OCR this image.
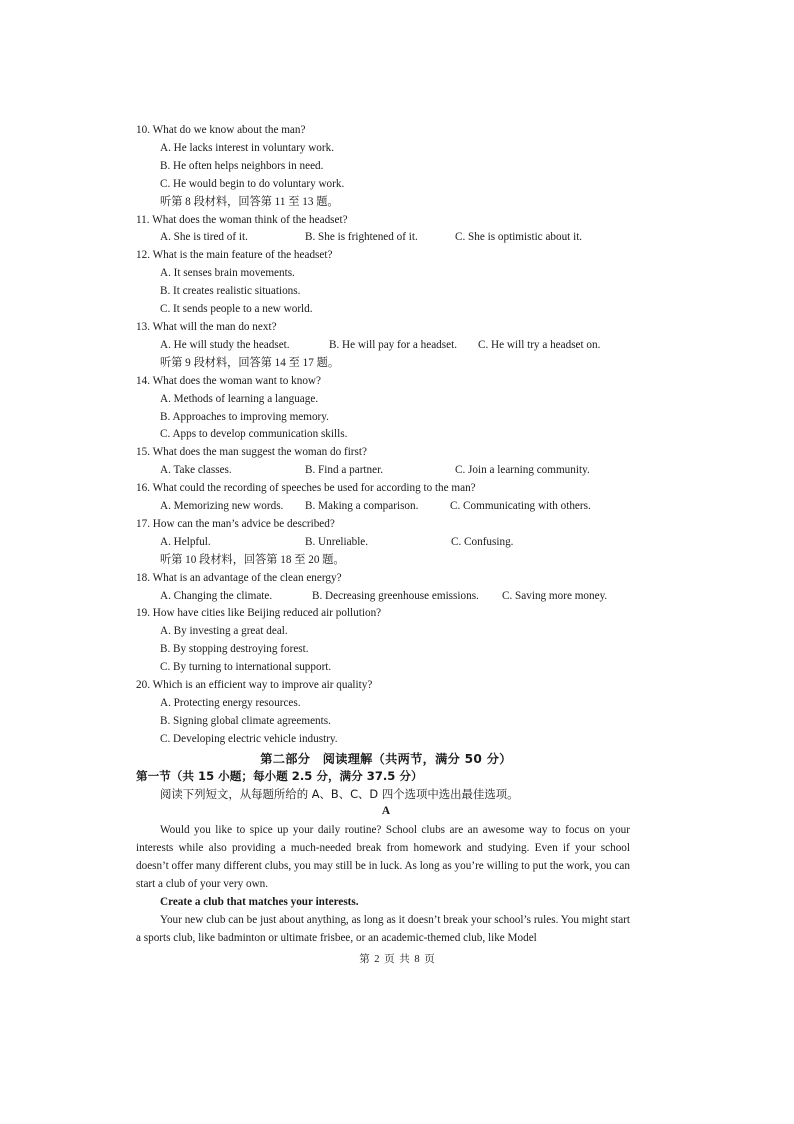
10. What do we know about the man?
A. He lacks interest in voluntary work.
B. He often helps neighbors in need.
C. He would begin to do voluntary work.
听第 8 段材料，回答第 11 至 13 题。
11. What does the woman think of the headset?
A. She is tired of it.	B. She is frightened of it.	C. She is optimistic about it.
12. What is the main feature of the headset?
A. It senses brain movements.
B. It creates realistic situations.
C. It sends people to a new world.
13. What will the man do next?
A. He will study the headset.	B. He will pay for a headset.	C. He will try a headset on.
听第 9 段材料，回答第 14 至 17 题。
14. What does the woman want to know?
A. Methods of learning a language.
B. Approaches to improving memory.
C. Apps to develop communication skills.
15. What does the man suggest the woman do first?
A. Take classes.	B. Find a partner.	C. Join a learning community.
16. What could the recording of speeches be used for according to the man?
A. Memorizing new words.	B. Making a comparison.	C. Communicating with others.
17. How can the man’s advice be described?
A. Helpful.	B. Unreliable.	C. Confusing.
听第 10 段材料，回答第 18 至 20 题。
18. What is an advantage of the clean energy?
A. Changing the climate.	B. Decreasing greenhouse emissions.	C. Saving more money.
19. How have cities like Beijing reduced air pollution?
A. By investing a great deal.
B. By stopping destroying forest.
C. By turning to international support.
20. Which is an efficient way to improve air quality?
A. Protecting energy resources.
B. Signing global climate agreements.
C. Developing electric vehicle industry.
第二部分　阅读理解（共两节，满分 50 分）
第一节（共 15 小题；每小题 2.5 分，满分 37.5 分）
阅读下列短文，从每题所给的 A、B、C、D 四个选项中选出最佳选项。
A

Would you like to spice up your daily routine? School clubs are an awesome way to focus on your interests while also providing a much-needed break from homework and studying. Even if your school doesn’t offer many different clubs, you may still be in luck. As long as you’re willing to put the work, you can start a club of your very own.

Create a club that matches your interests.

Your new club can be just about anything, as long as it doesn’t break your school’s rules. You might start a sports club, like badminton or ultimate frisbee, or an academic-themed club, like Model

第 2 页 共 8 页
